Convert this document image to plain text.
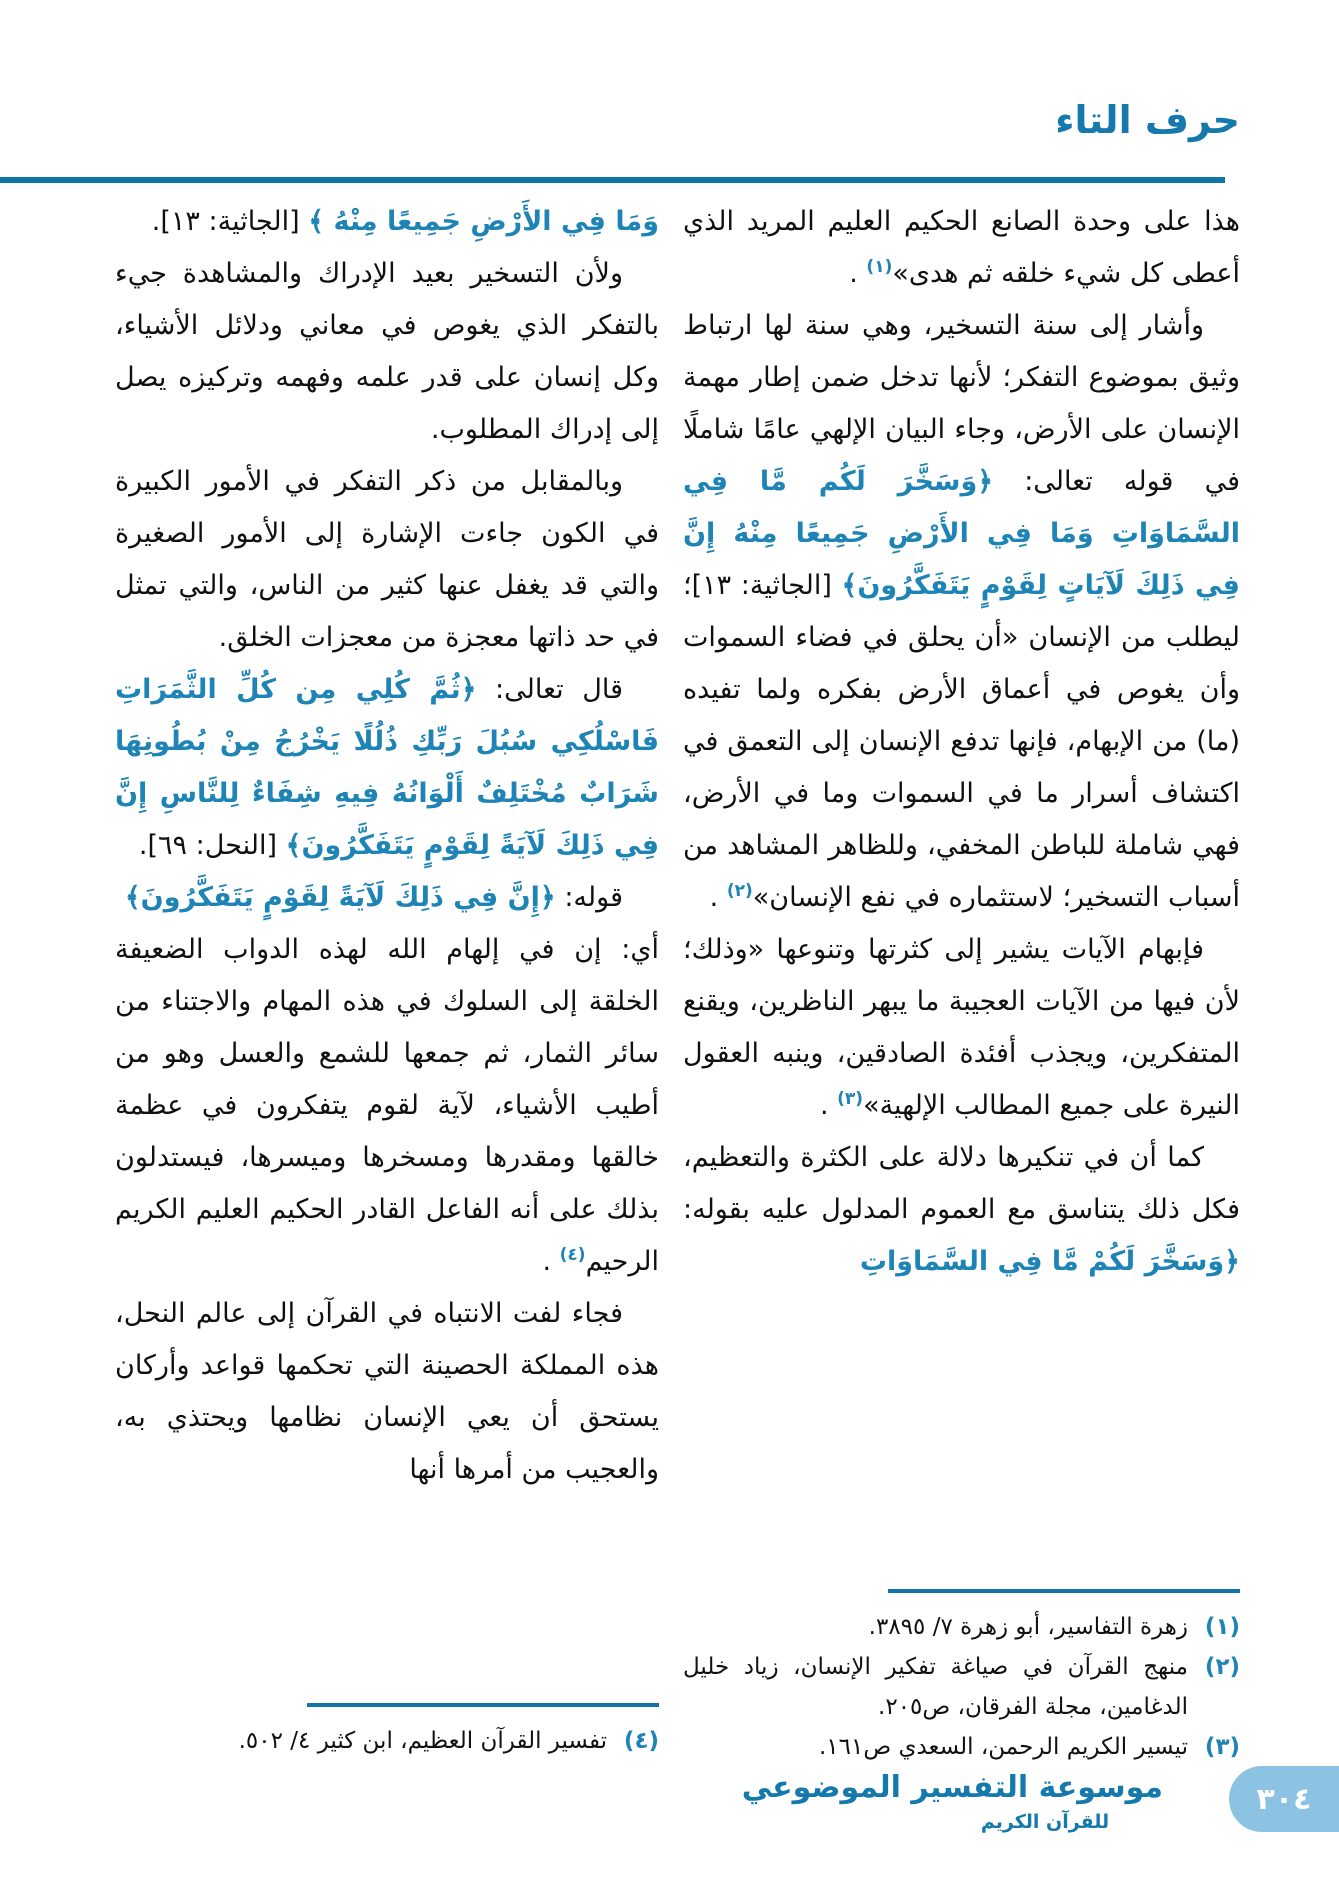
حرف التاء

هذا على وحدة الصانع الحكيم العليم المريد الذي أعطى كل شيء خلقه ثم هدى»$^{(١)}$ .

وأشار إلى سنة التسخير، وهي سنة لها ارتباط وثيق بموضوع التفكر؛ لأنها تدخل ضمن إطار مهمة الإنسان على الأرض، وجاء البيان الإلهي عامًا شاملًا في قوله تعالى: ﴿وَسَخَّرَ لَكُم مَّا فِي السَّمَاوَاتِ وَمَا فِي الأَرْضِ جَمِيعًا مِنْهُ إِنَّ فِي ذَلِكَ لَآيَاتٍ لِقَوْمٍ يَتَفَكَّرُونَ﴾ [الجاثية: ١٣]؛ ليطلب من الإنسان «أن يحلق في فضاء السموات وأن يغوص في أعماق الأرض بفكره ولما تفيده (ما) من الإبهام، فإنها تدفع الإنسان إلى التعمق في اكتشاف أسرار ما في السموات وما في الأرض، فهي شاملة للباطن المخفي، وللظاهر المشاهد من أسباب التسخير؛ لاستثماره في نفع الإنسان»$^{(٢)}$ .

فإبهام الآيات يشير إلى كثرتها وتنوعها «وذلك؛ لأن فيها من الآيات العجيبة ما يبهر الناظرين، ويقنع المتفكرين، ويجذب أفئدة الصادقين، وينبه العقول النيرة على جميع المطالب الإلهية»$^{(٣)}$ .

كما أن في تنكيرها دلالة على الكثرة والتعظيم، فكل ذلك يتناسق مع العموم المدلول عليه بقوله: ﴿وَسَخَّرَ لَكُمْ مَّا فِي السَّمَاوَاتِ

(١)
زهرة التفاسير، أبو زهرة ٧/ ٣٨٩٥.
(٢)
منهج القرآن في صياغة تفكير الإنسان، زياد خليل الدغامين، مجلة الفرقان، ص٢٠٥.
(٣)
تيسير الكريم الرحمن، السعدي ص١٦١.

وَمَا فِي الأَرْضِ جَمِيعًا مِنْهُ ﴾ [الجاثية: ١٣].

ولأن التسخير بعيد الإدراك والمشاهدة جيء بالتفكر الذي يغوص في معاني ودلائل الأشياء، وكل إنسان على قدر علمه وفهمه وتركيزه يصل إلى إدراك المطلوب.

وبالمقابل من ذكر التفكر في الأمور الكبيرة في الكون جاءت الإشارة إلى الأمور الصغيرة والتي قد يغفل عنها كثير من الناس، والتي تمثل في حد ذاتها معجزة من معجزات الخلق.

قال تعالى: ﴿ثُمَّ كُلِي مِن كُلِّ الثَّمَرَاتِ فَاسْلُكِي سُبُلَ رَبِّكِ ذُلُلًا يَخْرُجُ مِنْ بُطُونِهَا شَرَابٌ مُخْتَلِفٌ أَلْوَانُهُ فِيهِ شِفَاءٌ لِلنَّاسِ إِنَّ فِي ذَلِكَ لَآيَةً لِقَوْمٍ يَتَفَكَّرُونَ﴾ [النحل: ٦٩].

قوله: ﴿إِنَّ فِي ذَلِكَ لَآيَةً لِقَوْمٍ يَتَفَكَّرُونَ﴾

أي: إن في إلهام الله لهذه الدواب الضعيفة الخلقة إلى السلوك في هذه المهام والاجتناء من سائر الثمار، ثم جمعها للشمع والعسل وهو من أطيب الأشياء، لآية لقوم يتفكرون في عظمة خالقها ومقدرها ومسخرها وميسرها، فيستدلون بذلك على أنه الفاعل القادر الحكيم العليم الكريم الرحيم$^{(٤)}$ .

فجاء لفت الانتباه في القرآن إلى عالم النحل، هذه المملكة الحصينة التي تحكمها قواعد وأركان يستحق أن يعي الإنسان نظامها ويحتذي به، والعجيب من أمرها أنها

(٤)
تفسير القرآن العظيم، ابن كثير ٤/ ٥٠٢.
موسوعة التفسير الموضوعي
للقرآن الكريم
٣٠٤
